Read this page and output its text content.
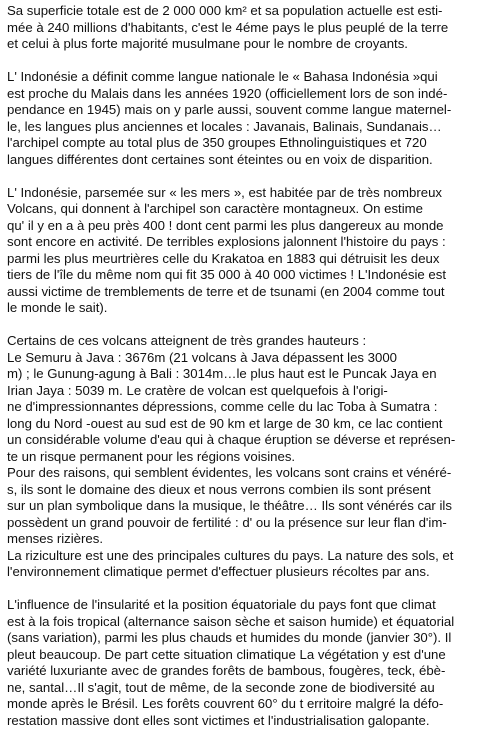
Sa superficie totale est de 2 000 000 km² et sa population actuelle est esti-
mée à 240 millions d'habitants, c'est le 4éme pays le plus peuplé de la terre
et celui à plus forte majorité musulmane pour le nombre de croyants.
L' Indonésie a définit comme langue nationale le « Bahasa Indonésia »qui
est proche du Malais dans les années 1920 (officiellement lors de son indé-
pendance en 1945) mais on y parle aussi, souvent comme langue maternel-
le, les langues plus anciennes et locales : Javanais, Balinais, Sundanais…
l'archipel compte au total plus de 350 groupes Ethnolinguistiques et 720
langues différentes dont certaines sont éteintes ou en voix de disparition.
L' Indonésie, parsemée sur « les mers », est habitée par de très nombreux
Volcans, qui donnent à l'archipel son caractère montagneux. On estime
qu' il y en a à peu près 400 ! dont cent parmi les plus dangereux au monde
sont encore en activité. De terribles explosions jalonnent l'histoire du pays :
parmi les plus meurtrières celle du Krakatoa en 1883 qui détruisit les deux
tiers de l'île du même nom qui fit 35 000 à 40 000 victimes ! L'Indonésie est
aussi victime de tremblements de terre et de tsunami (en 2004 comme tout
le monde le sait).
Certains de ces volcans atteignent de très grandes hauteurs :
Le Semuru à Java : 3676m (21 volcans à Java dépassent les 3000
m) ; le Gunung-agung à Bali : 3014m…le plus haut est le Puncak Jaya en
Irian Jaya : 5039 m. Le cratère de volcan est quelquefois à l'origi-
ne d'impressionnantes dépressions, comme celle du lac Toba à Sumatra :
long du Nord -ouest au sud est de 90 km et large de 30 km, ce lac contient
un considérable volume d'eau qui à chaque éruption se déverse et représen-
te un risque permanent pour les régions voisines.
Pour des raisons, qui semblent évidentes, les volcans sont crains et vénéré-
s, ils sont le domaine des dieux et nous verrons combien ils sont présent
sur un plan symbolique dans la musique, le théâtre… Ils sont vénérés car ils
possèdent un grand pouvoir de fertilité : d' ou la présence sur leur flan d'im-
menses rizières.
La riziculture est une des principales cultures du pays. La nature des sols, et
l'environnement climatique permet d'effectuer plusieurs récoltes par ans.
L'influence de l'insularité et la position équatoriale du pays font que climat
est à la fois tropical (alternance saison sèche et saison humide) et équatorial
(sans variation), parmi les plus chauds et humides du monde (janvier 30°). Il
pleut beaucoup. De part cette situation climatique La végétation y est d'une
variété luxuriante avec de grandes forêts de bambous, fougères, teck, ébè-
ne, santal…Il s'agit, tout de même, de la seconde zone de biodiversité au
monde après le Brésil. Les forêts couvrent 60° du t erritoire malgré la défo-
restation massive dont elles sont victimes et l'industrialisation galopante.
